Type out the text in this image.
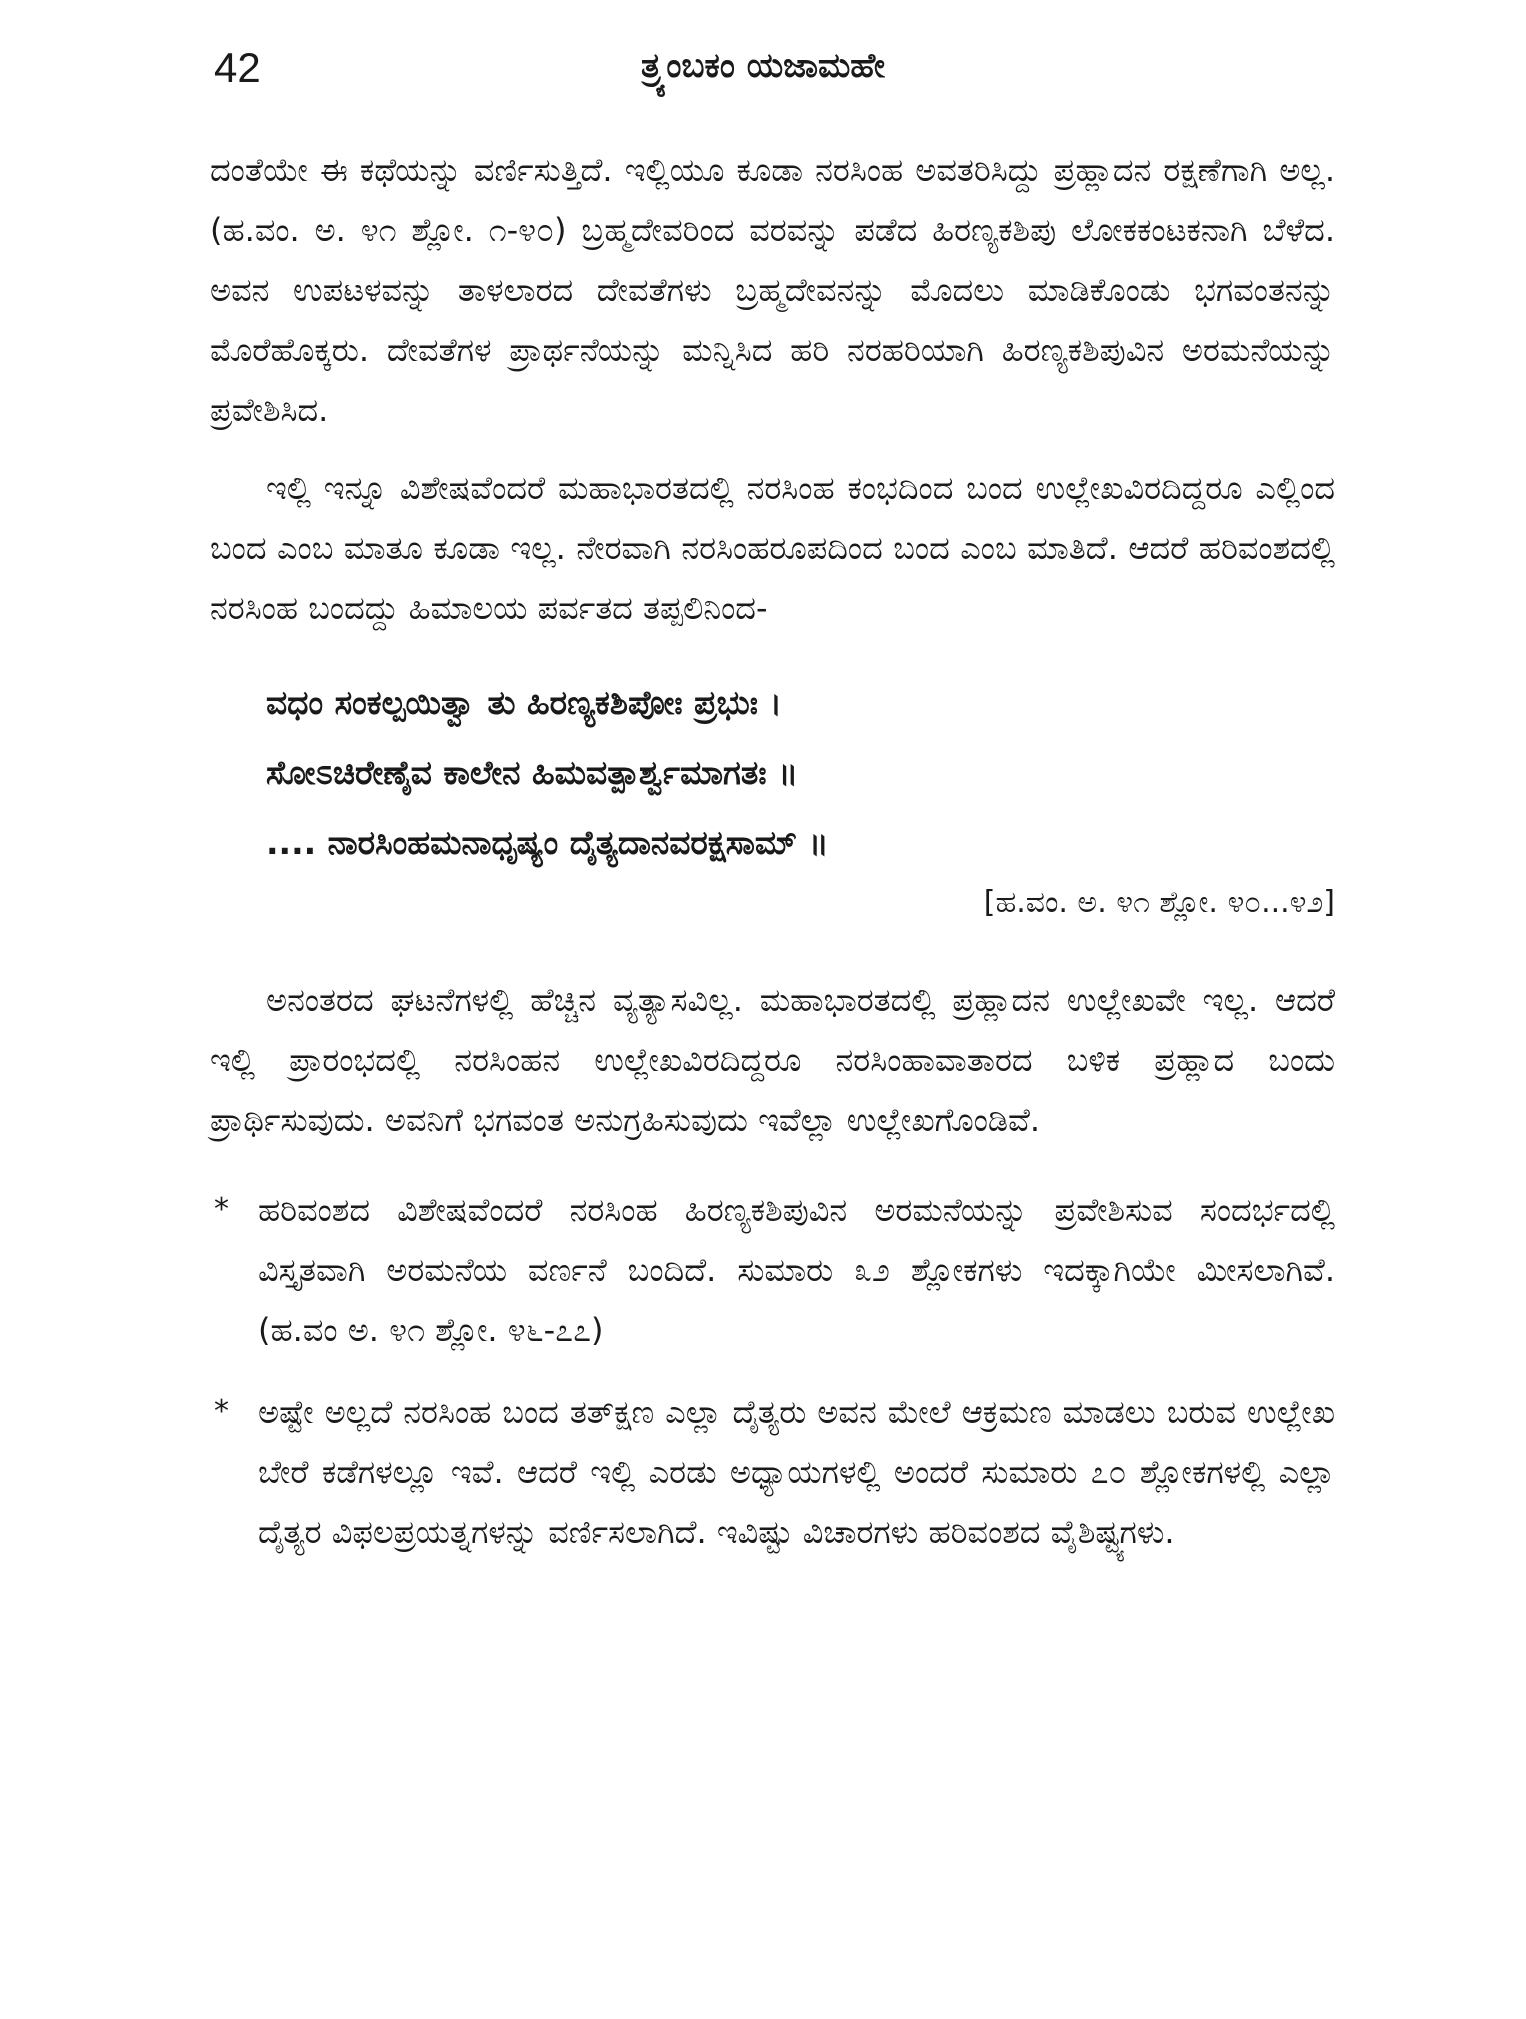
42	ತ್ರ್ಯಂಬಕಂ ಯಜಾಮಹೇ

ದಂತೆಯೇ ಈ ಕಥೆಯನ್ನು ವರ್ಣಿಸುತ್ತಿದೆ. ಇಲ್ಲಿಯೂ ಕೂಡಾ ನರಸಿಂಹ ಅವತರಿಸಿದ್ದು ಪ್ರಹ್ಲಾದನ ರಕ್ಷಣೆಗಾಗಿ ಅಲ್ಲ. (ಹ.ವಂ. ಅ. ೪೧ ಶ್ಲೋ. ೧-೪೦) ಬ್ರಹ್ಮದೇವರಿಂದ ವರವನ್ನು ಪಡೆದ ಹಿರಣ್ಯಕಶಿಪು ಲೋಕಕಂಟಕನಾಗಿ ಬೆಳೆದ. ಅವನ ಉಪಟಳವನ್ನು ತಾಳಲಾರದ ದೇವತೆಗಳು ಬ್ರಹ್ಮದೇವನನ್ನು ಮೊದಲು ಮಾಡಿಕೊಂಡು ಭಗವಂತನನ್ನು ಮೊರೆಹೊಕ್ಕರು. ದೇವತೆಗಳ ಪ್ರಾರ್ಥನೆಯನ್ನು ಮನ್ನಿಸಿದ ಹರಿ ನರಹರಿಯಾಗಿ ಹಿರಣ್ಯಕಶಿಪುವಿನ ಅರಮನೆಯನ್ನು ಪ್ರವೇಶಿಸಿದ.

ಇಲ್ಲಿ ಇನ್ನೂ ವಿಶೇಷವೆಂದರೆ ಮಹಾಭಾರತದಲ್ಲಿ ನರಸಿಂಹ ಕಂಭದಿಂದ ಬಂದ ಉಲ್ಲೇಖವಿರದಿದ್ದರೂ ಎಲ್ಲಿಂದ ಬಂದ ಎಂಬ ಮಾತೂ ಕೂಡಾ ಇಲ್ಲ. ನೇರವಾಗಿ ನರಸಿಂಹರೂಪದಿಂದ ಬಂದ ಎಂಬ ಮಾತಿದೆ. ಆದರೆ ಹರಿವಂಶದಲ್ಲಿ ನರಸಿಂಹ ಬಂದದ್ದು ಹಿಮಾಲಯ ಪರ್ವತದ ತಪ್ಪಲಿನಿಂದ-

ವಧಂ ಸಂಕಲ್ಪಯಿತ್ವಾ ತು ಹಿರಣ್ಯಕಶಿಪೋಃ ಪ್ರಭುಃ ।
ಸೋಽಚಿರೇಣೈವ ಕಾಲೇನ ಹಿಮವತ್ಪಾರ್ಶ್ವಮಾಗತಃ ॥
.... ನಾರಸಿಂಹಮನಾಧೃಷ್ಯಂ ದೈತ್ಯದಾನವರಕ್ಷಸಾಮ್ ॥
[ಹ.ವಂ. ಅ. ೪೧ ಶ್ಲೋ. ೪೦...೪೨]

ಅನಂತರದ ಘಟನೆಗಳಲ್ಲಿ ಹೆಚ್ಚಿನ ವ್ಯತ್ಯಾಸವಿಲ್ಲ. ಮಹಾಭಾರತದಲ್ಲಿ ಪ್ರಹ್ಲಾದನ ಉಲ್ಲೇಖವೇ ಇಲ್ಲ. ಆದರೆ ಇಲ್ಲಿ ಪ್ರಾರಂಭದಲ್ಲಿ ನರಸಿಂಹನ ಉಲ್ಲೇಖವಿರದಿದ್ದರೂ ನರಸಿಂಹಾವಾತಾರದ ಬಳಿಕ ಪ್ರಹ್ಲಾದ ಬಂದು ಪ್ರಾರ್ಥಿಸುವುದು. ಅವನಿಗೆ ಭಗವಂತ ಅನುಗ್ರಹಿಸುವುದು ಇವೆಲ್ಲಾ ಉಲ್ಲೇಖಗೊಂಡಿವೆ.

* ಹರಿವಂಶದ ವಿಶೇಷವೆಂದರೆ ನರಸಿಂಹ ಹಿರಣ್ಯಕಶಿಪುವಿನ ಅರಮನೆಯನ್ನು ಪ್ರವೇಶಿಸುವ ಸಂದರ್ಭದಲ್ಲಿ ವಿಸ್ತೃತವಾಗಿ ಅರಮನೆಯ ವರ್ಣನೆ ಬಂದಿದೆ. ಸುಮಾರು ೩೨ ಶ್ಲೋಕಗಳು ಇದಕ್ಕಾಗಿಯೇ ಮೀಸಲಾಗಿವೆ. (ಹ.ವಂ ಅ. ೪೧ ಶ್ಲೋ. ೪೬-೭೭)

* ಅಷ್ಟೇ ಅಲ್ಲದೆ ನರಸಿಂಹ ಬಂದ ತತ್ಕ್ಷಣ ಎಲ್ಲಾ ದೈತ್ಯರು ಅವನ ಮೇಲೆ ಆಕ್ರಮಣ ಮಾಡಲು ಬರುವ ಉಲ್ಲೇಖ ಬೇರೆ ಕಡೆಗಳಲ್ಲೂ ಇವೆ. ಆದರೆ ಇಲ್ಲಿ ಎರಡು ಅಧ್ಯಾಯಗಳಲ್ಲಿ ಅಂದರೆ ಸುಮಾರು ೭೦ ಶ್ಲೋಕಗಳಲ್ಲಿ ಎಲ್ಲಾ ದೈತ್ಯರ ವಿಫಲಪ್ರಯತ್ನಗಳನ್ನು ವರ್ಣಿಸಲಾಗಿದೆ. ಇವಿಷ್ಟು ವಿಚಾರಗಳು ಹರಿವಂಶದ ವೈಶಿಷ್ಟ್ಯಗಳು.
